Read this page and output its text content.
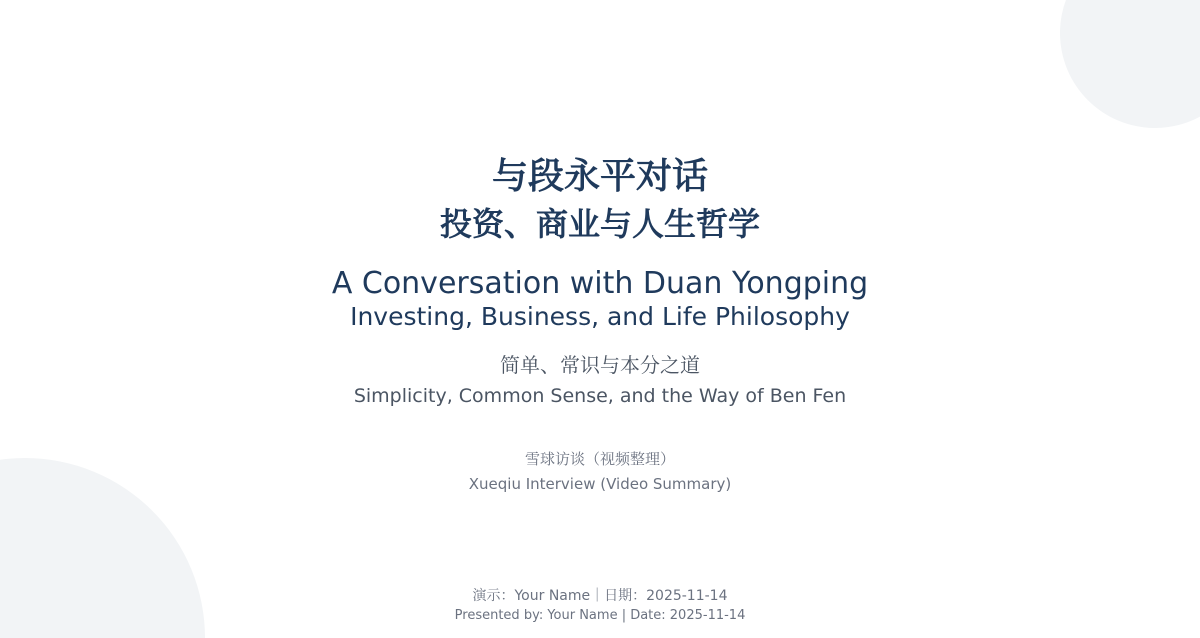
与段永平对话
投资、商业与人生哲学
A Conversation with Duan Yongping
Investing, Business, and Life Philosophy
简单、常识与本分之道
Simplicity, Common Sense, and the Way of Ben Fen
雪球访谈（视频整理）
Xueqiu Interview (Video Summary)
演示：Your Name｜日期：2025-11-14
Presented by: Your Name | Date: 2025-11-14
